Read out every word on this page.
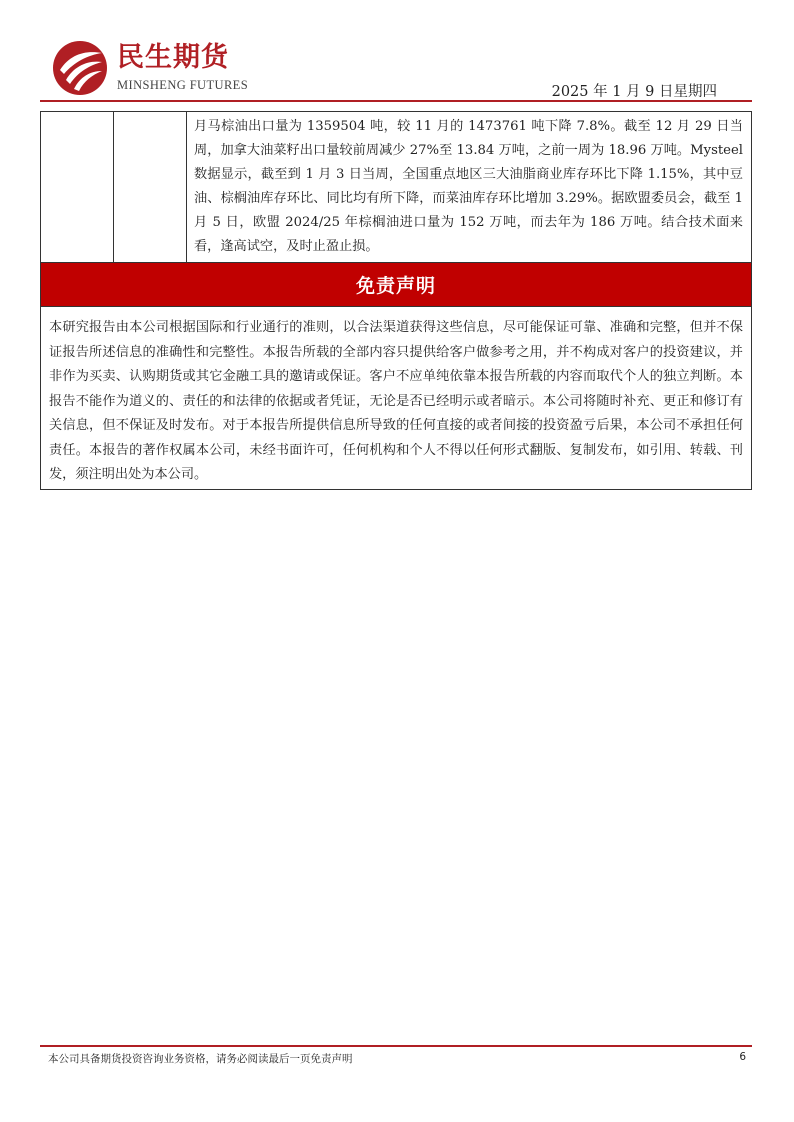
民生期货
MINSHENG FUTURES	2025 年 1 月 9 日星期四

月马棕油出口量为 1359504 吨，较 11 月的 1473761 吨下降 7.8%。截至 12 月 29 日当周，加拿大油菜籽出口量较前周减少 27%至 13.84 万吨，之前一周为 18.96 万吨。Mysteel 数据显示，截至到 1 月 3 日当周，全国重点地区三大油脂商业库存环比下降 1.15%，其中豆油、棕榈油库存环比、同比均有所下降，而菜油库存环比增加 3.29%。据欧盟委员会，截至 1 月 5 日，欧盟 2024/25 年棕榈油进口量为 152 万吨，而去年为 186 万吨。结合技术面来看，逢高试空，及时止盈止损。
免责声明
本研究报告由本公司根据国际和行业通行的准则，以合法渠道获得这些信息，尽可能保证可靠、准确和完整，但并不保证报告所述信息的准确性和完整性。本报告所载的全部内容只提供给客户做参考之用，并不构成对客户的投资建议，并非作为买卖、认购期货或其它金融工具的邀请或保证。客户不应单纯依靠本报告所载的内容而取代个人的独立判断。本报告不能作为道义的、责任的和法律的依据或者凭证，无论是否已经明示或者暗示。本公司将随时补充、更正和修订有关信息，但不保证及时发布。对于本报告所提供信息所导致的任何直接的或者间接的投资盈亏后果，本公司不承担任何责任。本报告的著作权属本公司，未经书面许可，任何机构和个人不得以任何形式翻版、复制发布，如引用、转载、刊发，须注明出处为本公司。
本公司具备期货投资咨询业务资格，请务必阅读最后一页免责声明	6
